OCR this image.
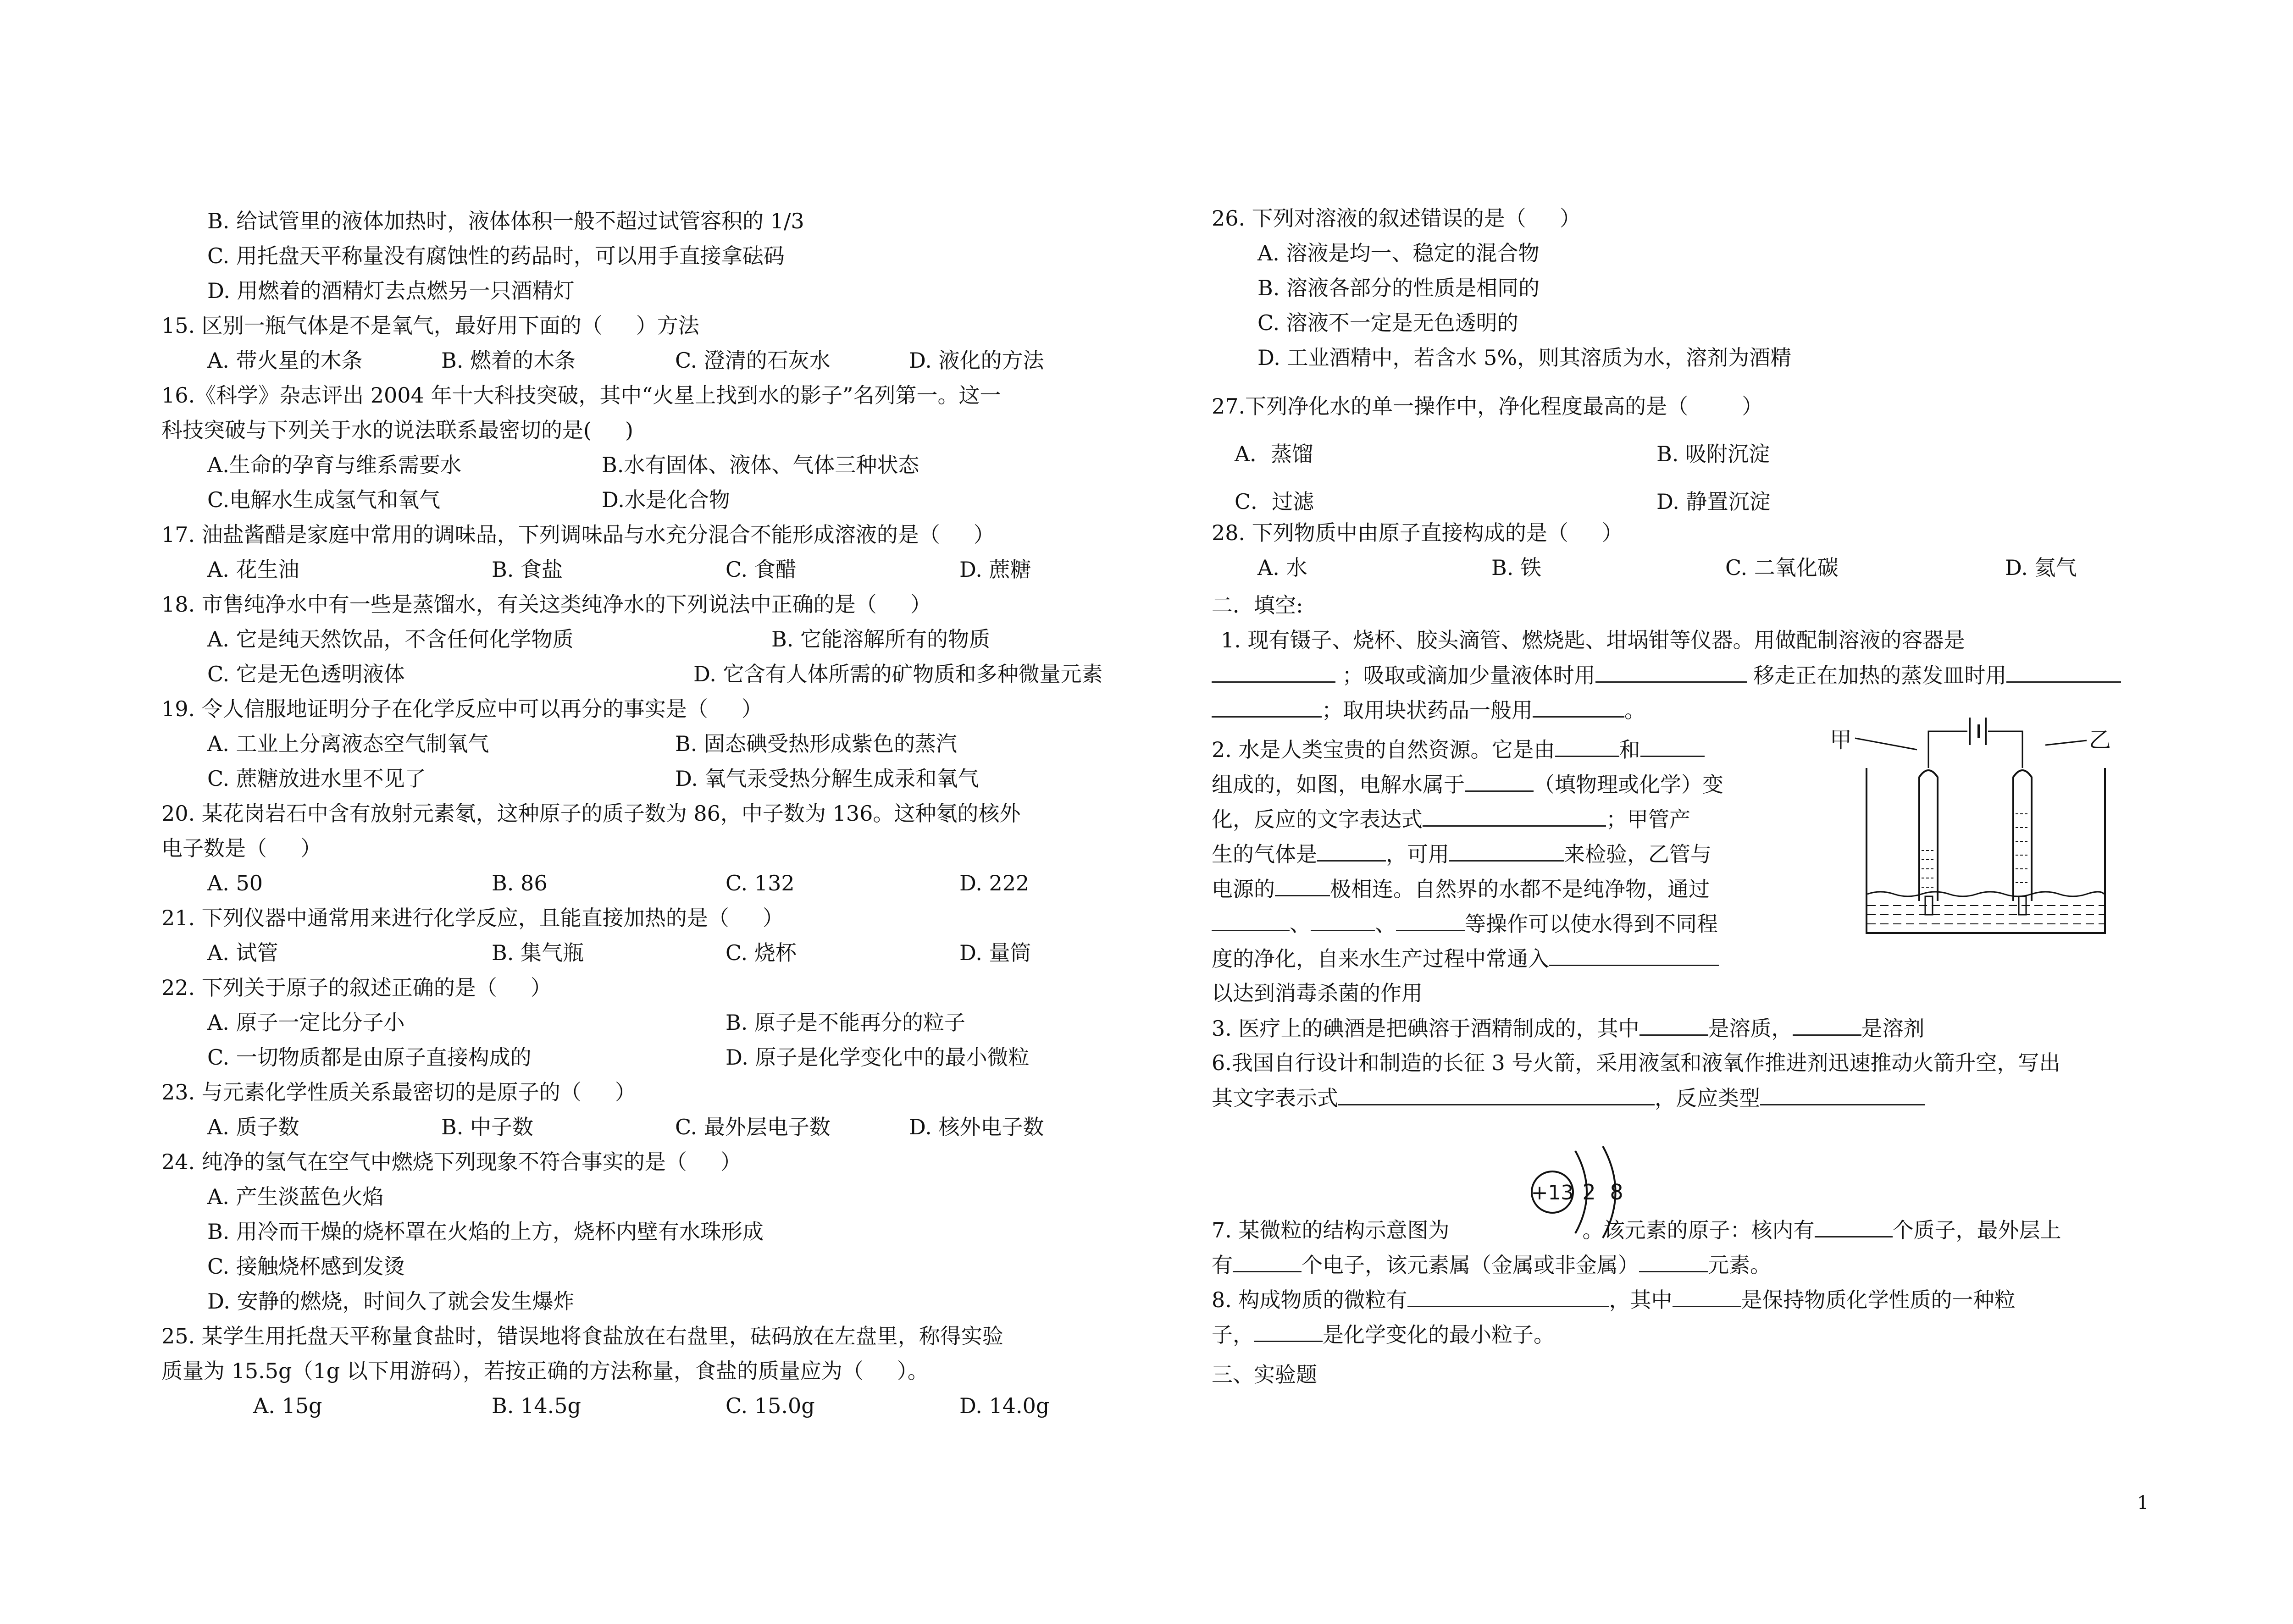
B. 给试管里的液体加热时，液体体积一般不超过试管容积的 1/3
C. 用托盘天平称量没有腐蚀性的药品时，可以用手直接拿砝码
D. 用燃着的酒精灯去点燃另一只酒精灯
15. 区别一瓶气体是不是氧气，最好用下面的（     ）方法
A. 带火星的木条	B. 燃着的木条	C. 澄清的石灰水	D. 液化的方法
16.《科学》杂志评出 2004 年十大科技突破，其中“火星上找到水的影子”名列第一。这一
科技突破与下列关于水的说法联系最密切的是(     )
A.生命的孕育与维系需要水	B.水有固体、液体、气体三种状态
C.电解水生成氢气和氧气	D.水是化合物
17. 油盐酱醋是家庭中常用的调味品，下列调味品与水充分混合不能形成溶液的是（     ）
A. 花生油	B. 食盐	C. 食醋	D. 蔗糖
18. 市售纯净水中有一些是蒸馏水，有关这类纯净水的下列说法中正确的是（     ）
A. 它是纯天然饮品，不含任何化学物质	B. 它能溶解所有的物质
C. 它是无色透明液体	D. 它含有人体所需的矿物质和多种微量元素
19. 令人信服地证明分子在化学反应中可以再分的事实是（     ）
A. 工业上分离液态空气制氧气	B. 固态碘受热形成紫色的蒸汽
C. 蔗糖放进水里不见了	D. 氧气汞受热分解生成汞和氧气
20. 某花岗岩石中含有放射元素氡，这种原子的质子数为 86，中子数为 136。这种氡的核外
电子数是（     ）
A. 50	B. 86	C. 132	D. 222
21. 下列仪器中通常用来进行化学反应，且能直接加热的是（     ）
A. 试管	B. 集气瓶	C. 烧杯	D. 量筒
22. 下列关于原子的叙述正确的是（     ）
A. 原子一定比分子小	B. 原子是不能再分的粒子
C. 一切物质都是由原子直接构成的	D. 原子是化学变化中的最小微粒
23. 与元素化学性质关系最密切的是原子的（     ）
A. 质子数	B. 中子数	C. 最外层电子数	D. 核外电子数
24. 纯净的氢气在空气中燃烧下列现象不符合事实的是（     ）
A. 产生淡蓝色火焰
B. 用冷而干燥的烧杯罩在火焰的上方，烧杯内壁有水珠形成
C. 接触烧杯感到发烫
D. 安静的燃烧，时间久了就会发生爆炸
25. 某学生用托盘天平称量食盐时，错误地将食盐放在右盘里，砝码放在左盘里，称得实验
质量为 15.5g（1g 以下用游码），若按正确的方法称量，食盐的质量应为（     ）。
A. 15g	B. 14.5g	C. 15.0g	D. 14.0g
26. 下列对溶液的叙述错误的是（     ）
A. 溶液是均一、稳定的混合物
B. 溶液各部分的性质是相同的
C. 溶液不一定是无色透明的
D. 工业酒精中，若含水 5%，则其溶质为水，溶剂为酒精
27.下列净化水的单一操作中，净化程度最高的是（        ）
A．蒸馏	B. 吸附沉淀
C．过滤	D. 静置沉淀
28. 下列物质中由原子直接构成的是（     ）
A. 水	B. 铁	C. 二氧化碳	D. 氦气
二．填空:
1. 现有镊子、烧杯、胶头滴管、燃烧匙、坩埚钳等仪器。用做配制溶液的容器是
；吸取或滴加少量液体时用	移走正在加热的蒸发皿时用
；取用块状药品一般用	。
2. 水是人类宝贵的自然资源。它是由	和
组成的，如图，电解水属于	（填物理或化学）变
化，反应的文字表达式	；甲管产
生的气体是	，可用	来检验，乙管与
电源的	极相连。自然界的水都不是纯净物，通过
、	、	等操作可以使水得到不同程
度的净化，自来水生产过程中常通入
以达到消毒杀菌的作用
3. 医疗上的碘酒是把碘溶于酒精制成的，其中	是溶质，	是溶剂
6.我国自行设计和制造的长征 3 号火箭，采用液氢和液氧作推进剂迅速推动火箭升空，写出
其文字表示式	，反应类型
7. 某微粒的结构示意图为	。该元素的原子：核内有	个质子，最外层上
有	个电子，该元素属（金属或非金属）	元素。
8. 构成物质的微粒有	，其中	是保持物质化学性质的一种粒
子，	是化学变化的最小粒子。
三、实验题
甲	乙
+13 2 8
1
